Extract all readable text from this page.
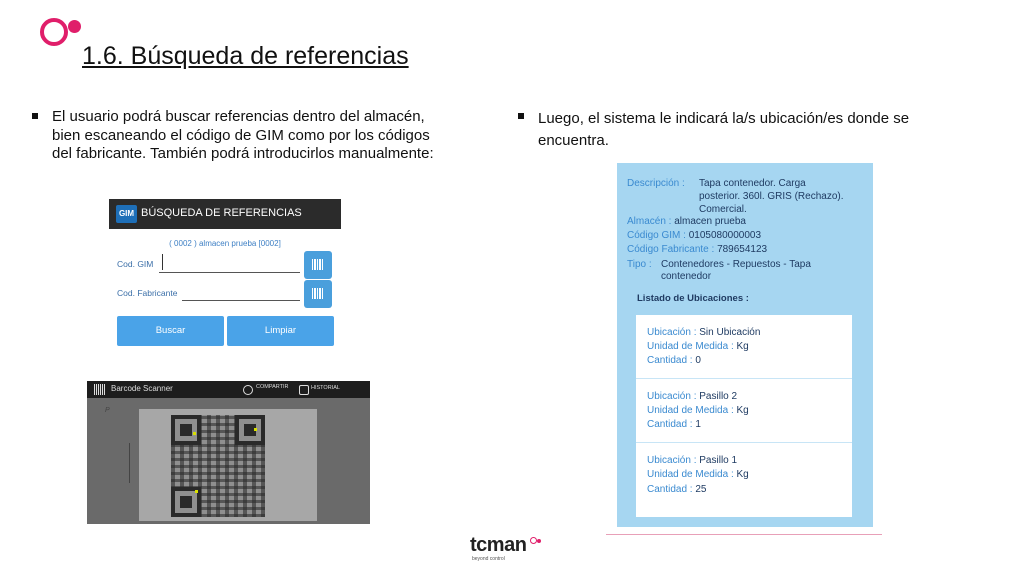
1.6. Búsqueda de referencias
El usuario podrá buscar referencias dentro del almacén, bien escaneando el código de GIM como por los códigos del fabricante. También podrá introducirlos manualmente:
Luego, el sistema le indicará la/s ubicación/es donde se encuentra.
GIM BÚSQUEDA DE REFERENCIAS
( 0002 ) almacen prueba [0002]
Cod. GIM
Cod. Fabricante
Buscar	Limpiar
Barcode Scanner	COMPARTIR	HISTORIAL
P
Descripción : Tapa contenedor. Carga
posterior. 360l. GRIS (Rechazo).
Comercial.
Almacén : almacen prueba
Código GIM : 0105080000003
Código Fabricante : 789654123
Tipo : Contenedores - Repuestos - Tapa
contenedor
Listado de Ubicaciones :
Ubicación : Sin Ubicación
Unidad de Medida : Kg
Cantidad : 0
Ubicación : Pasillo 2
Unidad de Medida : Kg
Cantidad : 1
Ubicación : Pasillo 1
Unidad de Medida : Kg
Cantidad : 25
tcman
beyond control
